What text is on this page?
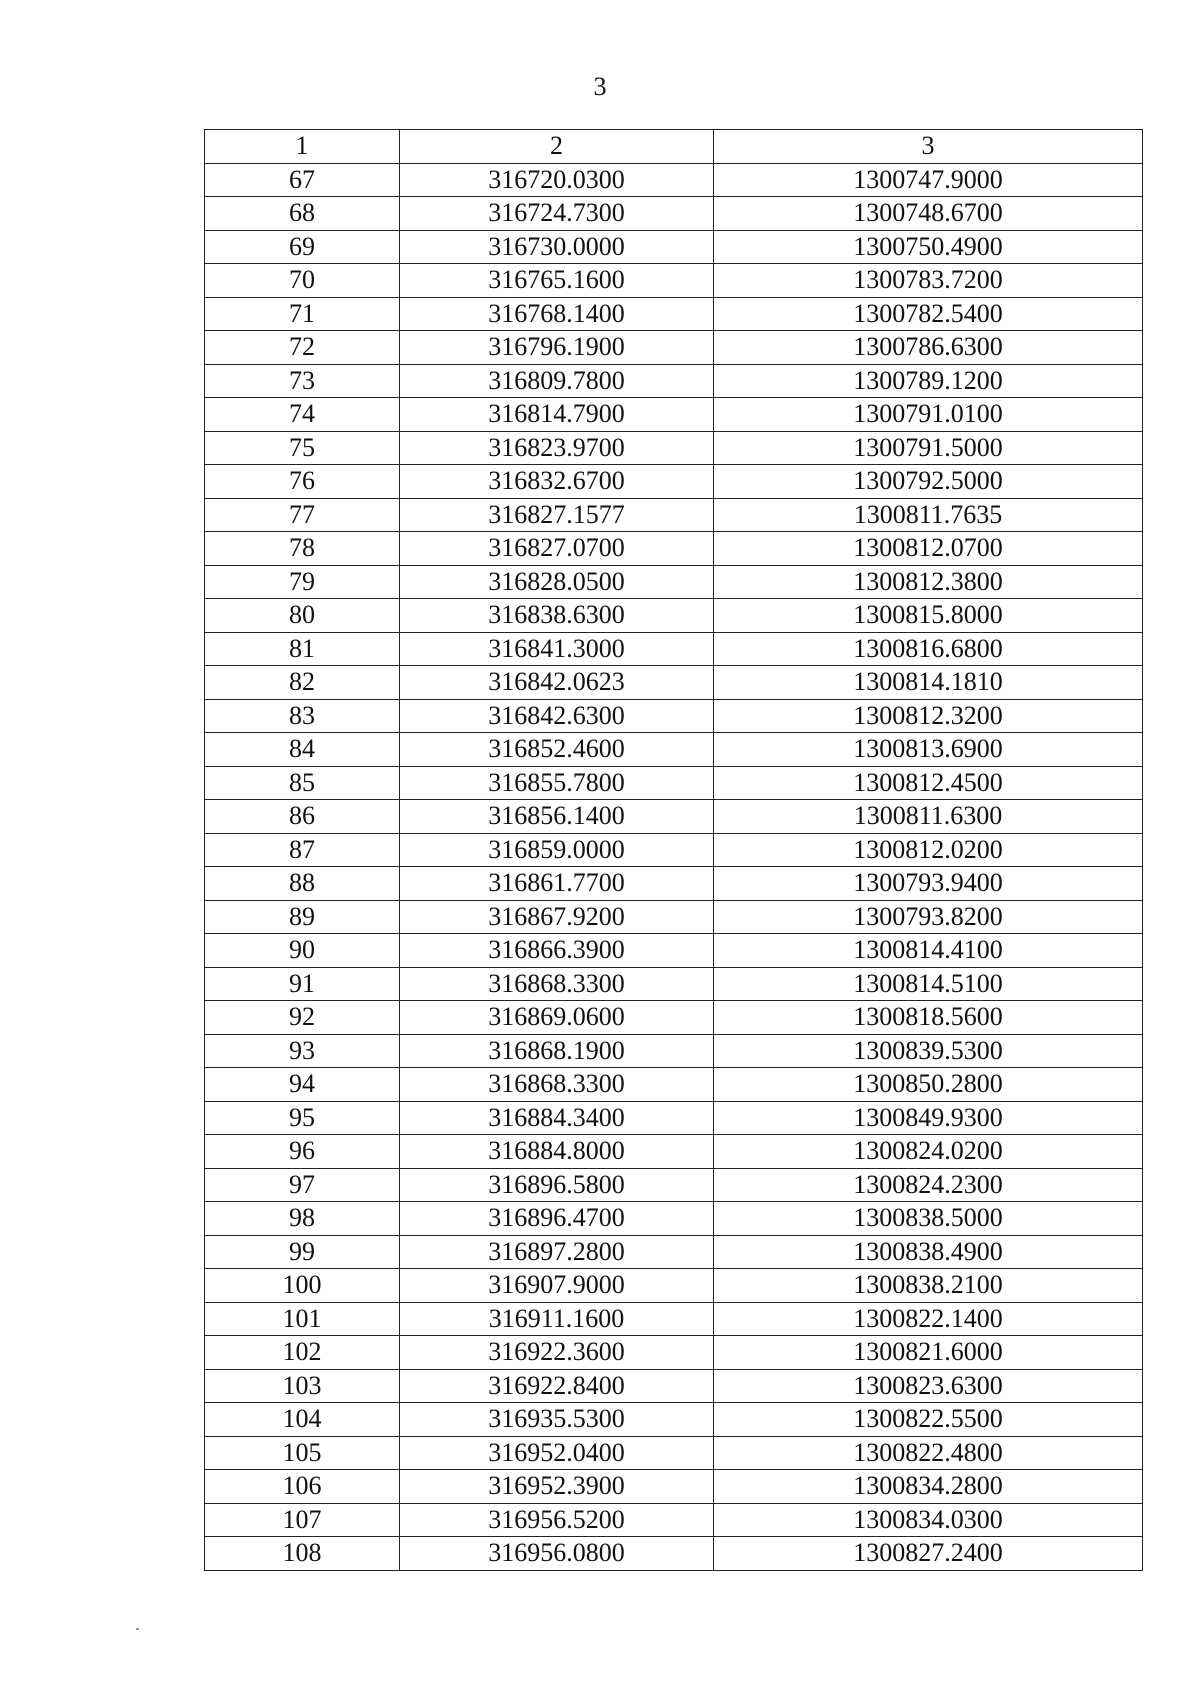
3
1	2	3
67	316720.0300	1300747.9000
68	316724.7300	1300748.6700
69	316730.0000	1300750.4900
70	316765.1600	1300783.7200
71	316768.1400	1300782.5400
72	316796.1900	1300786.6300
73	316809.7800	1300789.1200
74	316814.7900	1300791.0100
75	316823.9700	1300791.5000
76	316832.6700	1300792.5000
77	316827.1577	1300811.7635
78	316827.0700	1300812.0700
79	316828.0500	1300812.3800
80	316838.6300	1300815.8000
81	316841.3000	1300816.6800
82	316842.0623	1300814.1810
83	316842.6300	1300812.3200
84	316852.4600	1300813.6900
85	316855.7800	1300812.4500
86	316856.1400	1300811.6300
87	316859.0000	1300812.0200
88	316861.7700	1300793.9400
89	316867.9200	1300793.8200
90	316866.3900	1300814.4100
91	316868.3300	1300814.5100
92	316869.0600	1300818.5600
93	316868.1900	1300839.5300
94	316868.3300	1300850.2800
95	316884.3400	1300849.9300
96	316884.8000	1300824.0200
97	316896.5800	1300824.2300
98	316896.4700	1300838.5000
99	316897.2800	1300838.4900
100	316907.9000	1300838.2100
101	316911.1600	1300822.1400
102	316922.3600	1300821.6000
103	316922.8400	1300823.6300
104	316935.5300	1300822.5500
105	316952.0400	1300822.4800
106	316952.3900	1300834.2800
107	316956.5200	1300834.0300
108	316956.0800	1300827.2400
